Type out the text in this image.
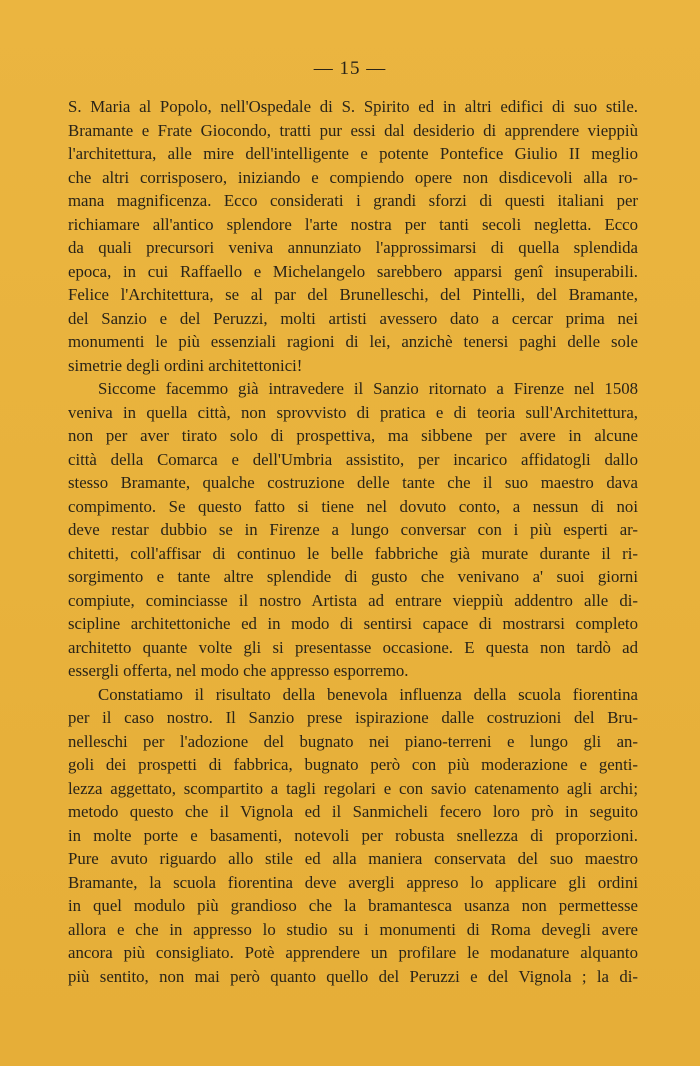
— 15 —
S. Maria al Popolo, nell'Ospedale di S. Spirito ed in altri edifici di suo stile.
Bramante e Frate Giocondo, tratti pur essi dal desiderio di apprendere vieppiù
l'architettura, alle mire dell'intelligente e potente Pontefice Giulio II meglio
che altri corrisposero, iniziando e compiendo opere non disdicevoli alla ro-
mana magnificenza. Ecco considerati i grandi sforzi di questi italiani per
richiamare all'antico splendore l'arte nostra per tanti secoli negletta. Ecco
da quali precursori veniva annunziato l'approssimarsi di quella splendida
epoca, in cui Raffaello e Michelangelo sarebbero apparsi genî insuperabili.
Felice l'Architettura, se al par del Brunelleschi, del Pintelli, del Bramante,
del Sanzio e del Peruzzi, molti artisti avessero dato a cercar prima nei
monumenti le più essenziali ragioni di lei, anzichè tenersi paghi delle sole
simetrie degli ordini architettonici!
Siccome facemmo già intravedere il Sanzio ritornato a Firenze nel 1508
veniva in quella città, non sprovvisto di pratica e di teoria sull'Architettura,
non per aver tirato solo di prospettiva, ma sibbene per avere in alcune
città della Comarca e dell'Umbria assistito, per incarico affidatogli dallo
stesso Bramante, qualche costruzione delle tante che il suo maestro dava
compimento. Se questo fatto si tiene nel dovuto conto, a nessun di noi
deve restar dubbio se in Firenze a lungo conversar con i più esperti ar-
chitetti, coll'affisar di continuo le belle fabbriche già murate durante il ri-
sorgimento e tante altre splendide di gusto che venivano a' suoi giorni
compiute, cominciasse il nostro Artista ad entrare vieppiù addentro alle di-
scipline architettoniche ed in modo di sentirsi capace di mostrarsi completo
architetto quante volte gli si presentasse occasione. E questa non tardò ad
essergli offerta, nel modo che appresso esporremo.
Constatiamo il risultato della benevola influenza della scuola fiorentina
per il caso nostro. Il Sanzio prese ispirazione dalle costruzioni del Bru-
nelleschi per l'adozione del bugnato nei piano-terreni e lungo gli an-
goli dei prospetti di fabbrica, bugnato però con più moderazione e genti-
lezza aggettato, scompartito a tagli regolari e con savio catenamento agli archi;
metodo questo che il Vignola ed il Sanmicheli fecero loro prò in seguito
in molte porte e basamenti, notevoli per robusta snellezza di proporzioni.
Pure avuto riguardo allo stile ed alla maniera conservata del suo maestro
Bramante, la scuola fiorentina deve avergli appreso lo applicare gli ordini
in quel modulo più grandioso che la bramantesca usanza non permettesse
allora e che in appresso lo studio su i monumenti di Roma devegli avere
ancora più consigliato. Potè apprendere un profilare le modanature alquanto
più sentito, non mai però quanto quello del Peruzzi e del Vignola ; la di-
